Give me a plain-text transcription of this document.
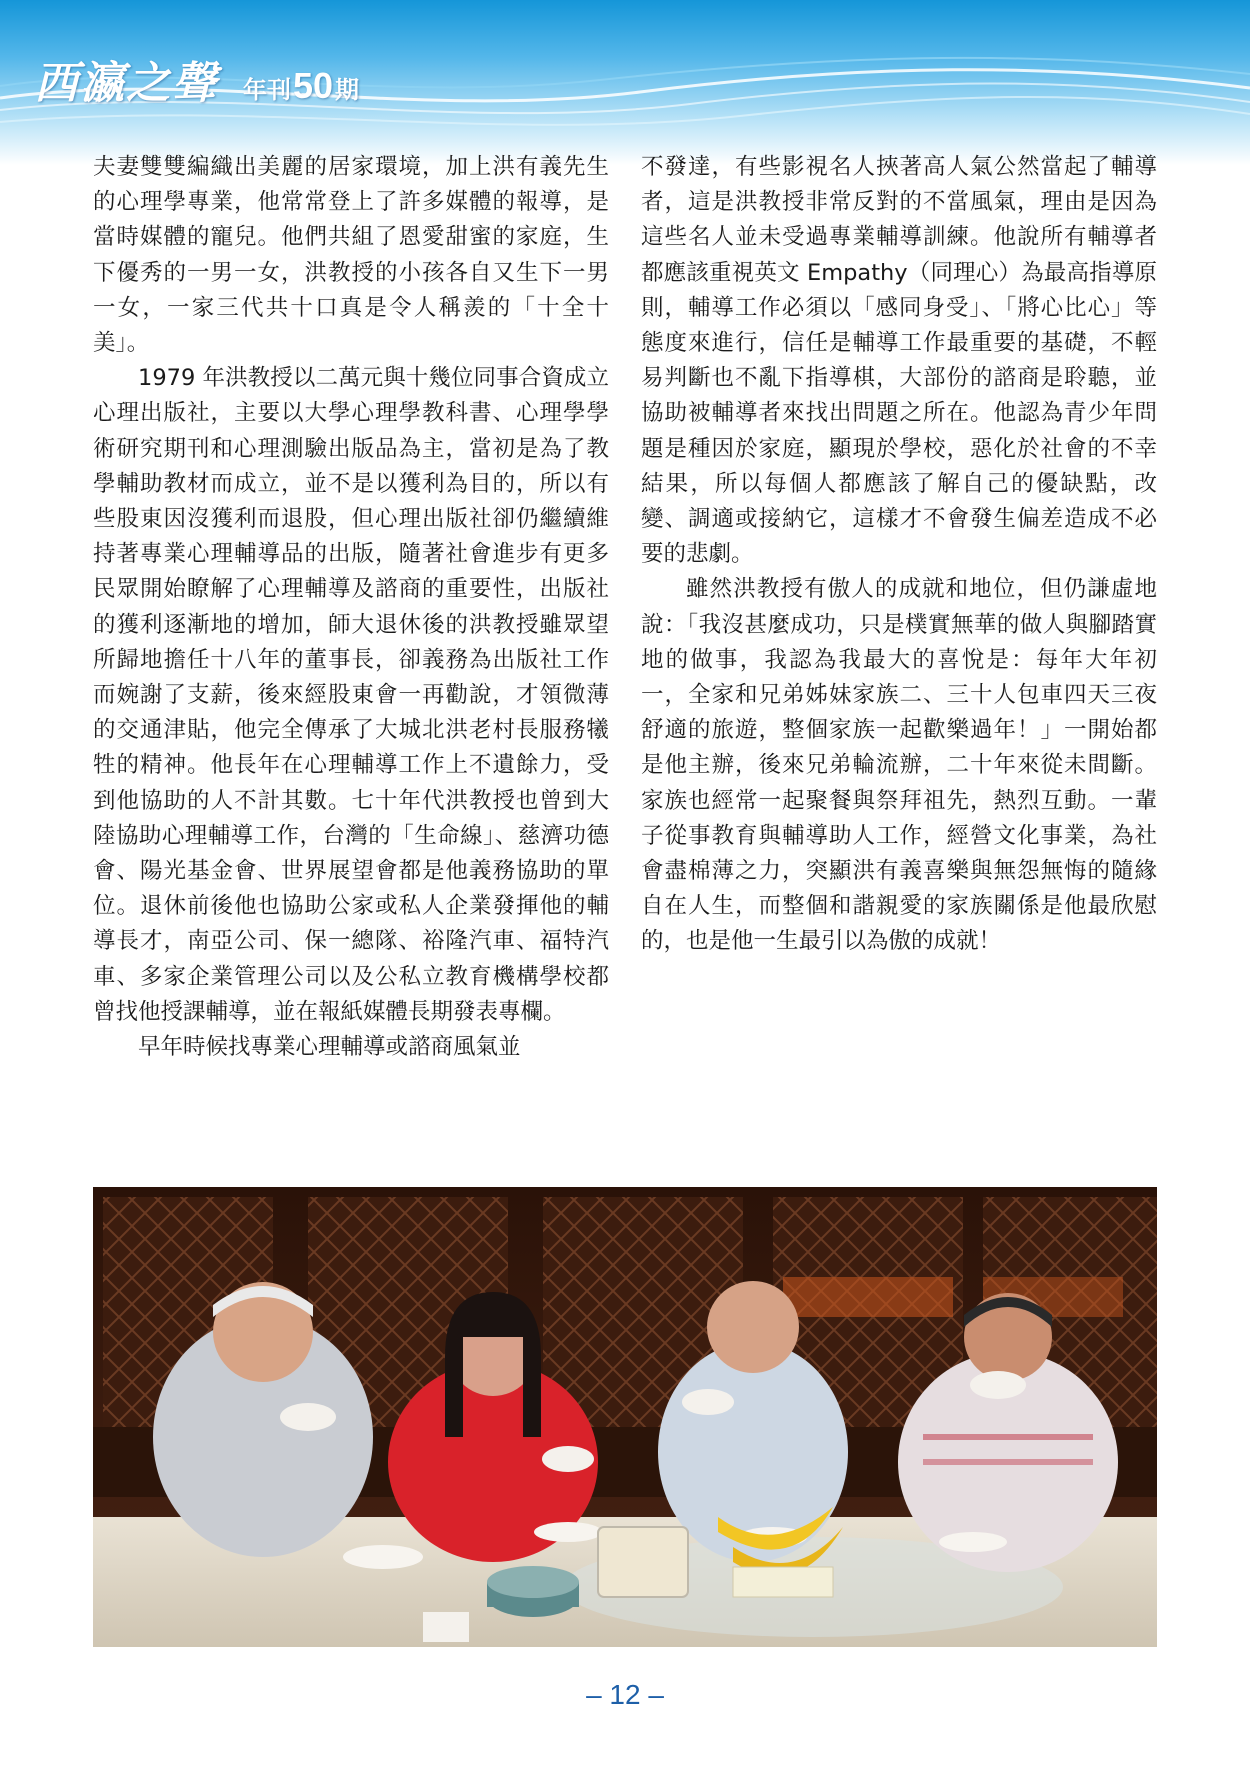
西瀛之聲 年刊50期

夫妻雙雙編織出美麗的居家環境，加上洪有義先生的心理學專業，他常常登上了許多媒體的報導，是當時媒體的寵兒。他們共組了恩愛甜蜜的家庭，生下優秀的一男一女，洪教授的小孩各自又生下一男一女，一家三代共十口真是令人稱羨的「十全十美」。

1979 年洪教授以二萬元與十幾位同事合資成立心理出版社，主要以大學心理學教科書、心理學學術研究期刊和心理測驗出版品為主，當初是為了教學輔助教材而成立，並不是以獲利為目的，所以有些股東因沒獲利而退股，但心理出版社卻仍繼續維持著專業心理輔導品的出版，隨著社會進步有更多民眾開始瞭解了心理輔導及諮商的重要性，出版社的獲利逐漸地的增加，師大退休後的洪教授雖眾望所歸地擔任十八年的董事長，卻義務為出版社工作而婉謝了支薪，後來經股東會一再勸說，才領微薄的交通津貼，他完全傳承了大城北洪老村長服務犧牲的精神。他長年在心理輔導工作上不遺餘力，受到他協助的人不計其數。七十年代洪教授也曾到大陸協助心理輔導工作，台灣的「生命線」、慈濟功德會、陽光基金會、世界展望會都是他義務協助的單位。退休前後他也協助公家或私人企業發揮他的輔導長才，南亞公司、保一總隊、裕隆汽車、福特汽車、多家企業管理公司以及公私立教育機構學校都曾找他授課輔導，並在報紙媒體長期發表專欄。

早年時候找專業心理輔導或諮商風氣並

不發達，有些影視名人挾著高人氣公然當起了輔導者，這是洪教授非常反對的不當風氣，理由是因為這些名人並未受過專業輔導訓練。他說所有輔導者都應該重視英文 Empathy（同理心）為最高指導原則，輔導工作必須以「感同身受」、「將心比心」等態度來進行，信任是輔導工作最重要的基礎，不輕易判斷也不亂下指導棋，大部份的諮商是聆聽，並協助被輔導者來找出問題之所在。他認為青少年問題是種因於家庭，顯現於學校，惡化於社會的不幸結果，所以每個人都應該了解自己的優缺點，改變、調適或接納它，這樣才不會發生偏差造成不必要的悲劇。

雖然洪教授有傲人的成就和地位，但仍謙虛地說：「我沒甚麼成功，只是樸實無華的做人與腳踏實地的做事，我認為我最大的喜悅是：每年大年初一，全家和兄弟姊妹家族二、三十人包車四天三夜舒適的旅遊，整個家族一起歡樂過年！」一開始都是他主辦，後來兄弟輪流辦，二十年來從未間斷。家族也經常一起聚餐與祭拜祖先，熱烈互動。一輩子從事教育與輔導助人工作，經營文化事業，為社會盡棉薄之力，突顯洪有義喜樂與無怨無悔的隨緣自在人生，而整個和諧親愛的家族關係是他最欣慰的，也是他一生最引以為傲的成就！

– 12 –
